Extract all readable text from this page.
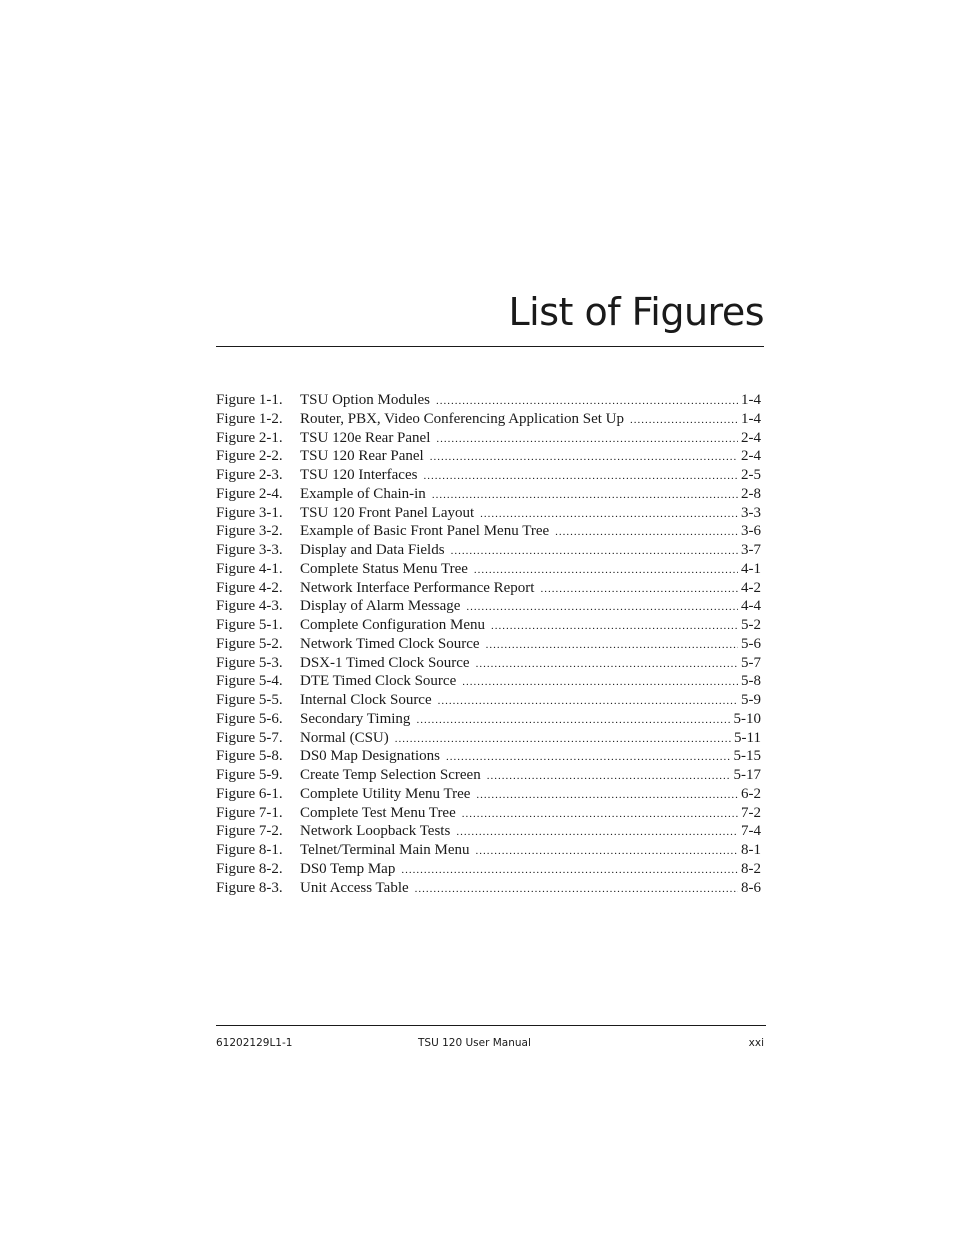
List of Figures
Figure 1-1.	TSU Option Modules .....	1-4
Figure 1-2.	Router, PBX, Video Conferencing Application Set Up .....	1-4
Figure 2-1.	TSU 120e Rear Panel .....	2-4
Figure 2-2.	TSU 120 Rear Panel .....	2-4
Figure 2-3.	TSU 120 Interfaces .....	2-5
Figure 2-4.	Example of Chain-in .....	2-8
Figure 3-1.	TSU 120 Front Panel Layout .....	3-3
Figure 3-2.	Example of Basic Front Panel Menu Tree .....	3-6
Figure 3-3.	Display and Data Fields .....	3-7
Figure 4-1.	Complete Status Menu Tree .....	4-1
Figure 4-2.	Network Interface Performance Report .....	4-2
Figure 4-3.	Display of Alarm Message .....	4-4
Figure 5-1.	Complete Configuration Menu .....	5-2
Figure 5-2.	Network Timed Clock Source .....	5-6
Figure 5-3.	DSX-1 Timed Clock Source .....	5-7
Figure 5-4.	DTE Timed Clock Source .....	5-8
Figure 5-5.	Internal Clock Source .....	5-9
Figure 5-6.	Secondary Timing .....	5-10
Figure 5-7.	Normal (CSU) .....	5-11
Figure 5-8.	DS0 Map Designations .....	5-15
Figure 5-9.	Create Temp Selection Screen .....	5-17
Figure 6-1.	Complete Utility Menu Tree .....	6-2
Figure 7-1.	Complete Test Menu Tree .....	7-2
Figure 7-2.	Network Loopback Tests .....	7-4
Figure 8-1.	Telnet/Terminal Main Menu .....	8-1
Figure 8-2.	DS0 Temp Map .....	8-2
Figure 8-3.	Unit Access Table .....	8-6
61202129L1-1	TSU 120 User Manual	xxi
